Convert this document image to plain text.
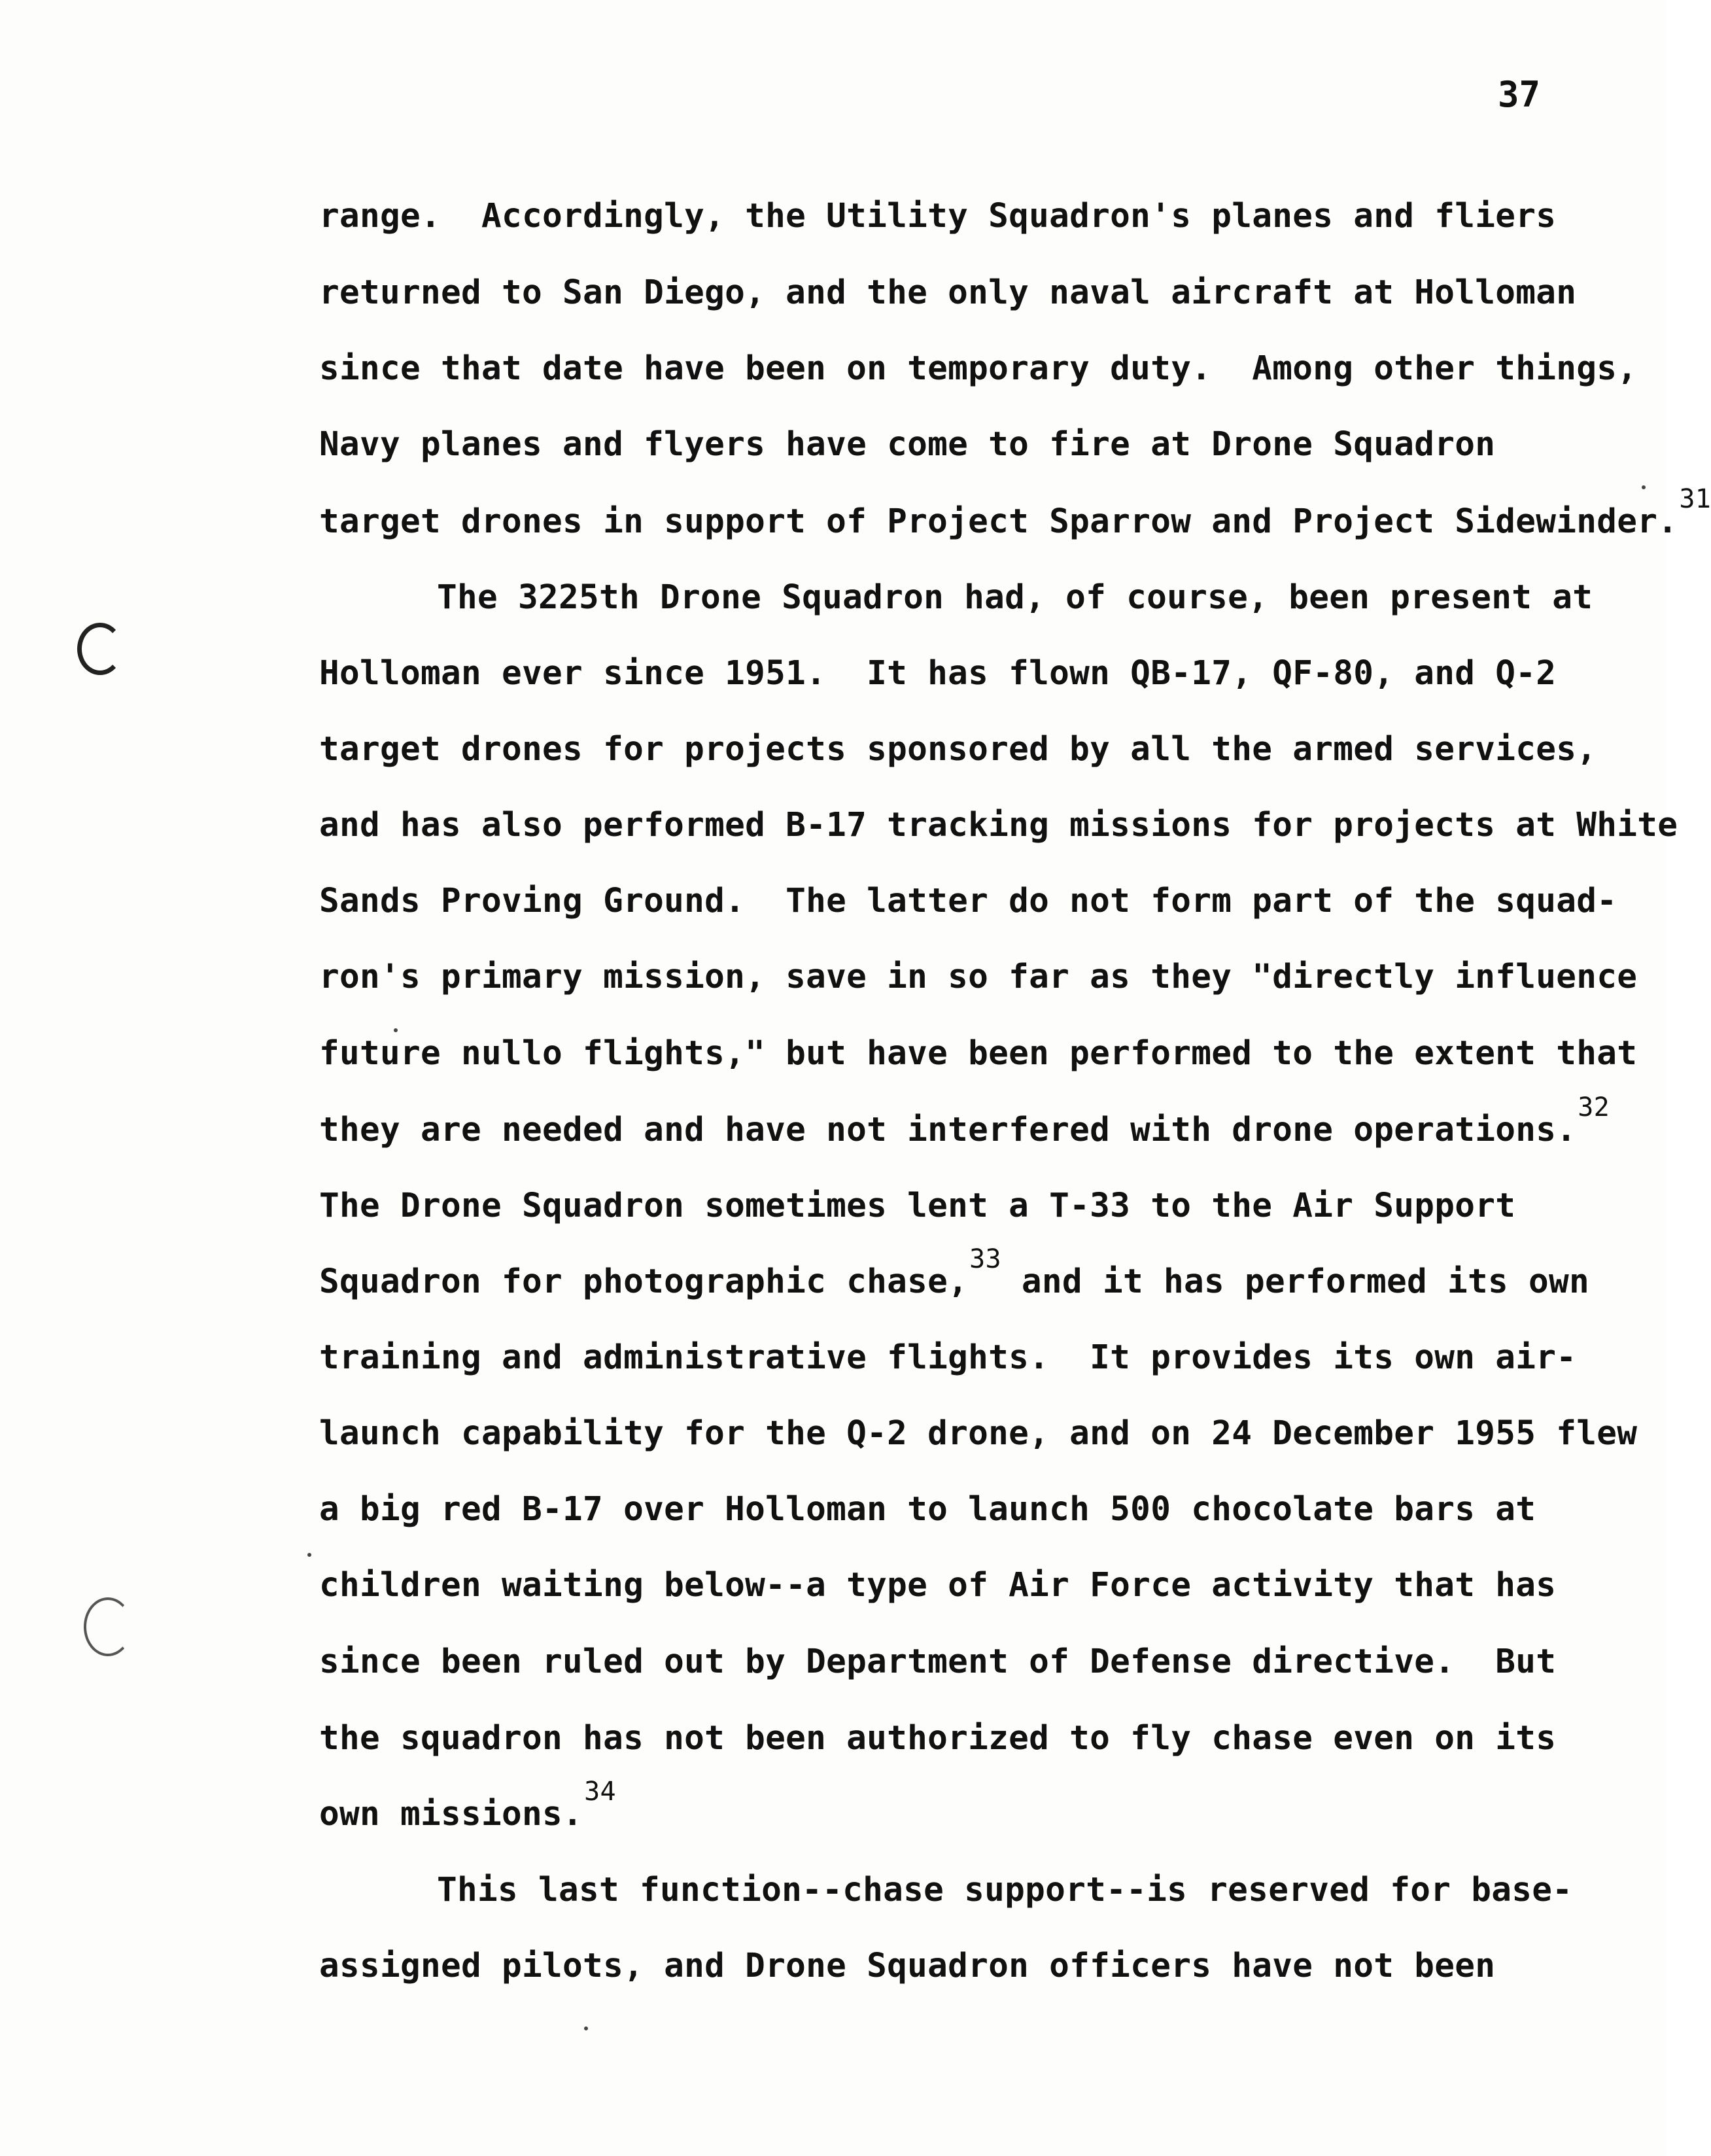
37
range.  Accordingly, the Utility Squadron's planes and fliers
returned to San Diego, and the only naval aircraft at Holloman
since that date have been on temporary duty.  Among other things,
Navy planes and flyers have come to fire at Drone Squadron
target drones in support of Project Sparrow and Project Sidewinder.$^{31}$
The 3225th Drone Squadron had, of course, been present at
Holloman ever since 1951.  It has flown QB-17, QF-80, and Q-2
target drones for projects sponsored by all the armed services,
and has also performed B-17 tracking missions for projects at White
Sands Proving Ground.  The latter do not form part of the squad-
ron's primary mission, save in so far as they "directly influence
future nullo flights," but have been performed to the extent that
they are needed and have not interfered with drone operations.$^{32}$
The Drone Squadron sometimes lent a T-33 to the Air Support
Squadron for photographic chase,$^{33}$ and it has performed its own
training and administrative flights.  It provides its own air-
launch capability for the Q-2 drone, and on 24 December 1955 flew
a big red B-17 over Holloman to launch 500 chocolate bars at
children waiting below--a type of Air Force activity that has
since been ruled out by Department of Defense directive.  But
the squadron has not been authorized to fly chase even on its
own missions.$^{34}$
This last function--chase support--is reserved for base-
assigned pilots, and Drone Squadron officers have not been
